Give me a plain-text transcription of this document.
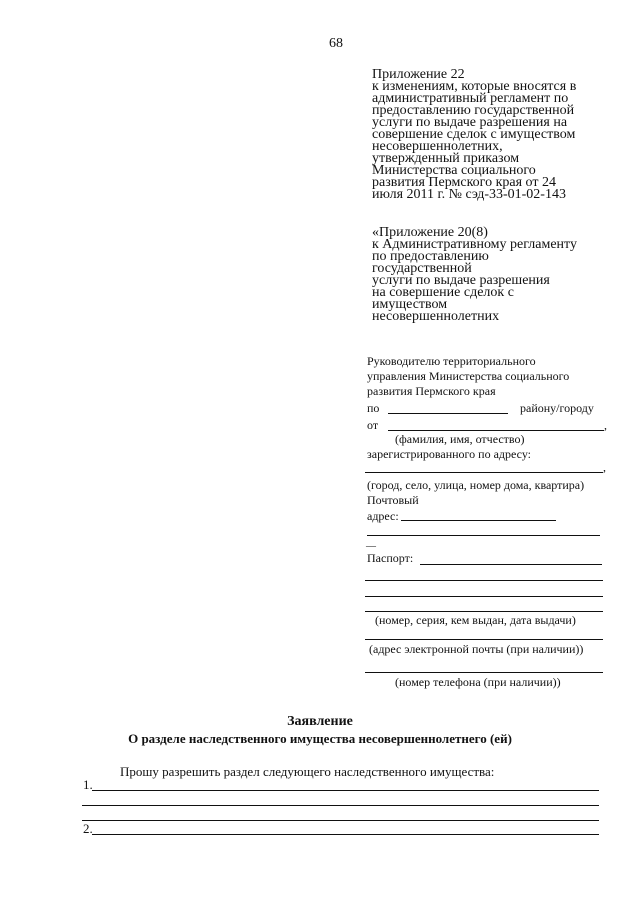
68
Приложение 22
к изменениям, которые вносятся в
административный регламент по
предоставлению государственной
услуги по выдаче разрешения на
совершение сделок с имуществом
несовершеннолетних,
утвержденный приказом
Министерства социального
развития Пермского края от 24
июля 2011 г. № сэд-33-01-02-143
«Приложение 20(8)
к Административному регламенту
по предоставлению
государственной
услуги по выдаче разрешения
на совершение сделок с
имуществом
несовершеннолетних
Руководителю территориального
управления Министерства социального
развития Пермского края
по	району/городу
от	,
(фамилия, имя, отчество)
зарегистрированного по адресу:
,
(город, село, улица, номер дома, квартира)
Почтовый
адрес:
—
Паспорт:
(номер, серия, кем выдан, дата выдачи)
(адрес электронной почты (при наличии))
(номер телефона (при наличии))
Заявление
О разделе наследственного имущества несовершеннолетнего (ей)
Прошу разрешить раздел следующего наследственного имущества:
1.
2.
